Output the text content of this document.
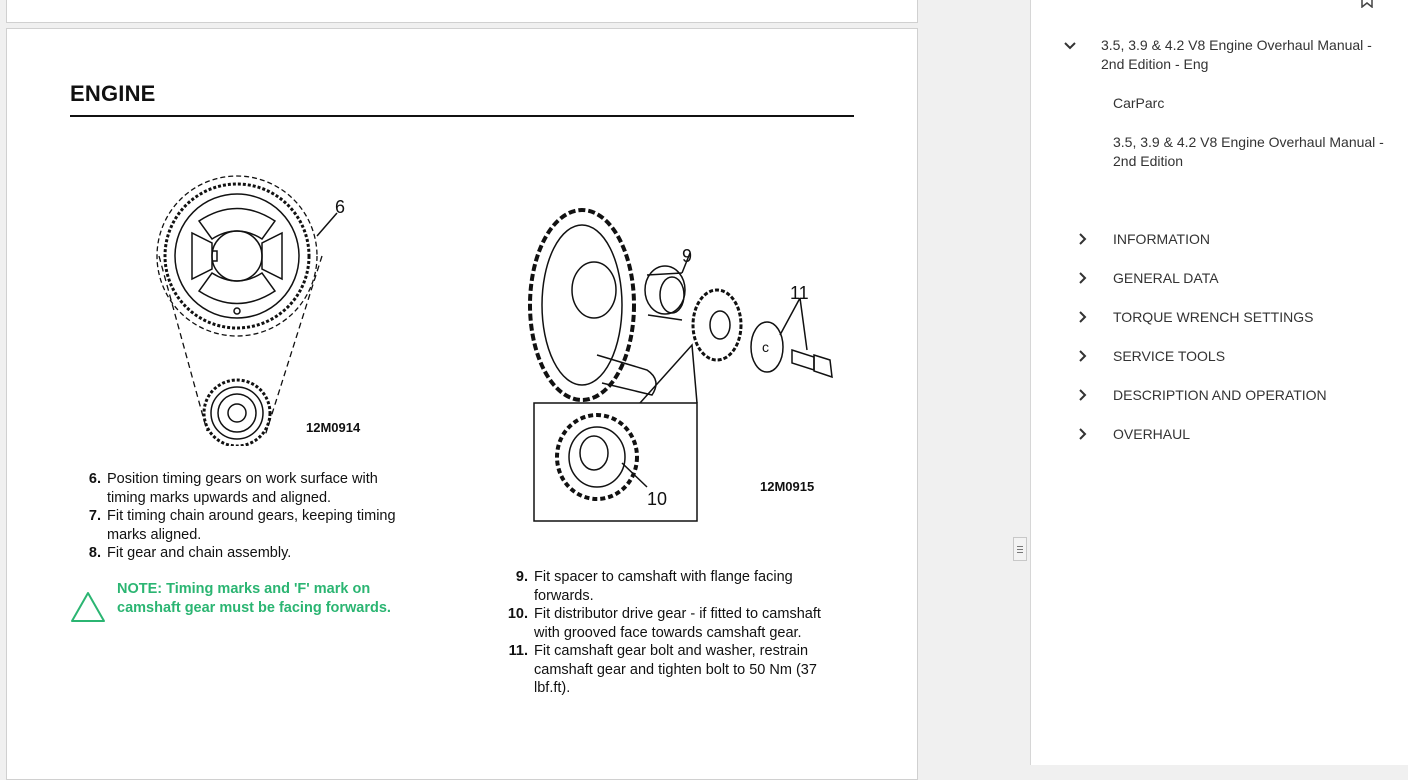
ENGINE
6
12M0914
c
9
11
10
12M0915
6. Position timing gears on work surface with timing marks upwards and aligned.
7. Fit timing chain around gears, keeping timing marks aligned.
8. Fit gear and chain assembly.
NOTE: Timing marks and 'F' mark on camshaft gear must be facing forwards.
9. Fit spacer to camshaft with flange facing forwards.
10. Fit distributor drive gear - if fitted to camshaft with grooved face towards camshaft gear.
11. Fit camshaft gear bolt and washer, restrain camshaft gear and tighten bolt to 50 Nm (37 lbf.ft).
3.5, 3.9 & 4.2 V8 Engine Overhaul Manual - 2nd Edition - Eng
CarParc
3.5, 3.9 & 4.2 V8 Engine Overhaul Manual - 2nd Edition
INFORMATION
GENERAL DATA
TORQUE WRENCH SETTINGS
SERVICE TOOLS
DESCRIPTION AND OPERATION
OVERHAUL
